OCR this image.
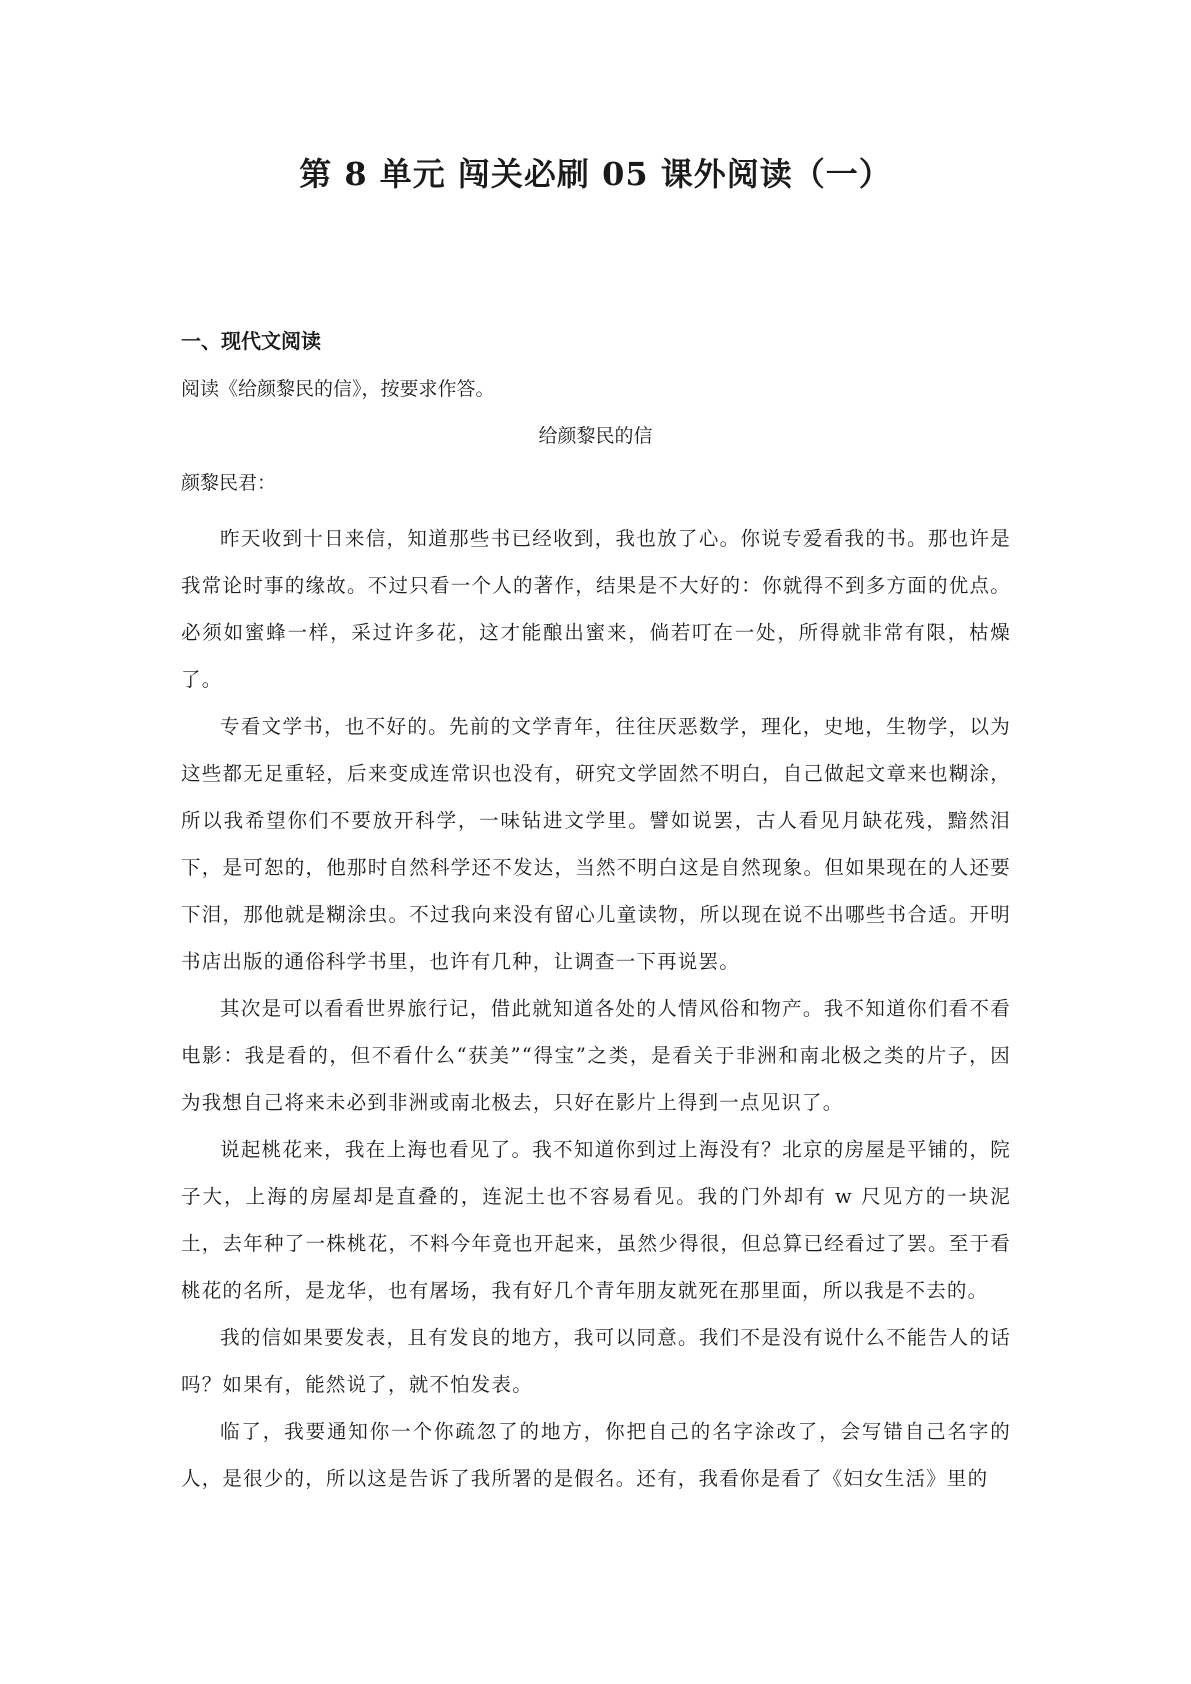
第 8 单元 闯关必刷 05 课外阅读（一）
一、现代文阅读
阅读《给颜黎民的信》，按要求作答。
给颜黎民的信
颜黎民君：

昨天收到十日来信，知道那些书已经收到，我也放了心。你说专爱看我的书。那也许是我常论时事的缘故。不过只看一个人的著作，结果是不大好的：你就得不到多方面的优点。必须如蜜蜂一样，采过许多花，这才能酿出蜜来，倘若叮在一处，所得就非常有限，枯燥了。

专看文学书，也不好的。先前的文学青年，往往厌恶数学，理化，史地，生物学，以为这些都无足重轻，后来变成连常识也没有，研究文学固然不明白，自己做起文章来也糊涂，所以我希望你们不要放开科学，一味钻进文学里。譬如说罢，古人看见月缺花残，黯然泪下，是可恕的，他那时自然科学还不发达，当然不明白这是自然现象。但如果现在的人还要下泪，那他就是糊涂虫。不过我向来没有留心儿童读物，所以现在说不出哪些书合适。开明书店出版的通俗科学书里，也许有几种，让调查一下再说罢。

其次是可以看看世界旅行记，借此就知道各处的人情风俗和物产。我不知道你们看不看电影：我是看的，但不看什么“获美”“得宝”之类，是看关于非洲和南北极之类的片子，因为我想自己将来未必到非洲或南北极去，只好在影片上得到一点见识了。

说起桃花来，我在上海也看见了。我不知道你到过上海没有？北京的房屋是平铺的，院子大，上海的房屋却是直叠的，连泥土也不容易看见。我的门外却有 w 尺见方的一块泥土，去年种了一株桃花，不料今年竟也开起来，虽然少得很，但总算已经看过了罢。至于看桃花的名所，是龙华，也有屠场，我有好几个青年朋友就死在那里面，所以我是不去的。

我的信如果要发表，且有发良的地方，我可以同意。我们不是没有说什么不能告人的话吗？如果有，能然说了，就不怕发表。

临了，我要通知你一个你疏忽了的地方，你把自己的名字涂改了，会写错自己名字的人，是很少的，所以这是告诉了我所署的是假名。还有，我看你是看了《妇女生活》里的
